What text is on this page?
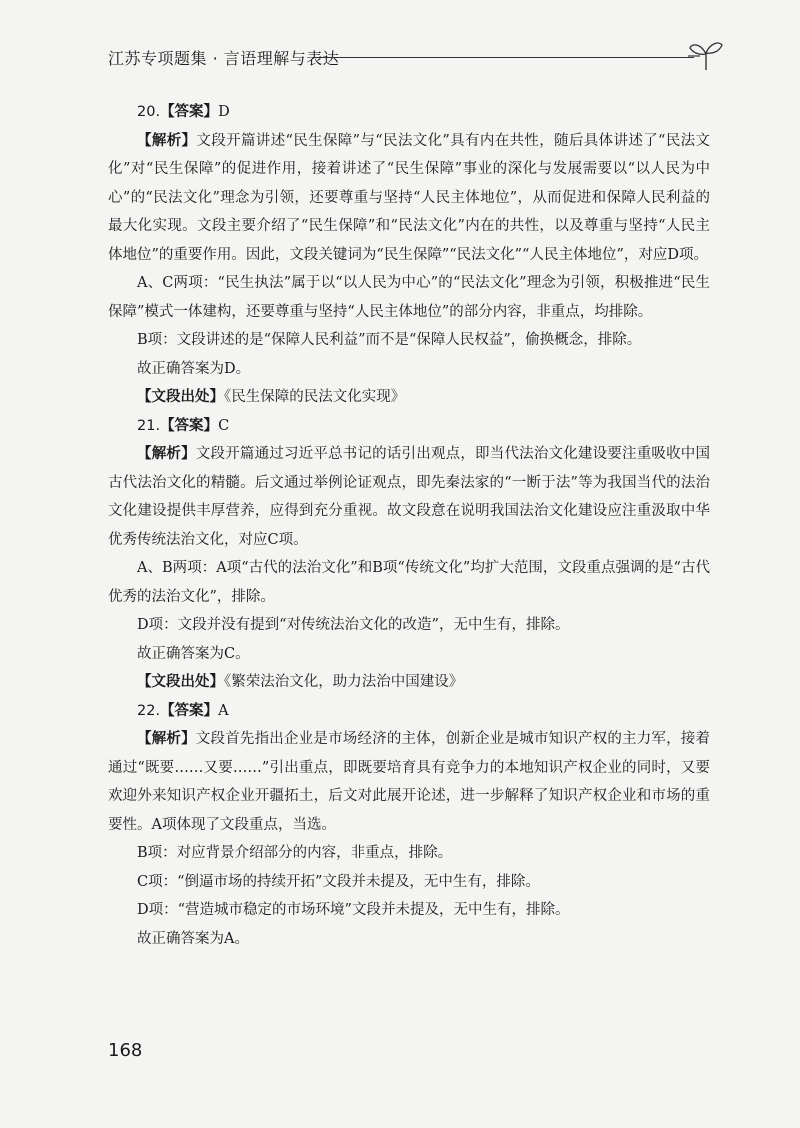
江苏专项题集 · 言语理解与表达

20.【答案】D

【解析】文段开篇讲述“民生保障”与“民法文化”具有内在共性，随后具体讲述了“民法文化”对“民生保障”的促进作用，接着讲述了“民生保障”事业的深化与发展需要以“以人民为中心”的“民法文化”理念为引领，还要尊重与坚持“人民主体地位”，从而促进和保障人民利益的最大化实现。文段主要介绍了“民生保障”和“民法文化”内在的共性，以及尊重与坚持“人民主体地位”的重要作用。因此，文段关键词为“民生保障”“民法文化”“人民主体地位”，对应D项。

A、C两项：“民生执法”属于以“以人民为中心”的“民法文化”理念为引领，积极推进“民生保障”模式一体建构，还要尊重与坚持“人民主体地位”的部分内容，非重点，均排除。

B项：文段讲述的是“保障人民利益”而不是“保障人民权益”，偷换概念，排除。

故正确答案为D。

【文段出处】《民生保障的民法文化实现》

21.【答案】C

【解析】文段开篇通过习近平总书记的话引出观点，即当代法治文化建设要注重吸收中国古代法治文化的精髓。后文通过举例论证观点，即先秦法家的“一断于法”等为我国当代的法治文化建设提供丰厚营养，应得到充分重视。故文段意在说明我国法治文化建设应注重汲取中华优秀传统法治文化，对应C项。

A、B两项：A项“古代的法治文化”和B项“传统文化”均扩大范围，文段重点强调的是“古代优秀的法治文化”，排除。

D项：文段并没有提到“对传统法治文化的改造”，无中生有，排除。

故正确答案为C。

【文段出处】《繁荣法治文化，助力法治中国建设》

22.【答案】A

【解析】文段首先指出企业是市场经济的主体，创新企业是城市知识产权的主力军，接着通过“既要……又要……”引出重点，即既要培育具有竞争力的本地知识产权企业的同时，又要欢迎外来知识产权企业开疆拓土，后文对此展开论述，进一步解释了知识产权企业和市场的重要性。A项体现了文段重点，当选。

B项：对应背景介绍部分的内容，非重点，排除。

C项：“倒逼市场的持续开拓”文段并未提及，无中生有，排除。

D项：“营造城市稳定的市场环境”文段并未提及，无中生有，排除。

故正确答案为A。

168
